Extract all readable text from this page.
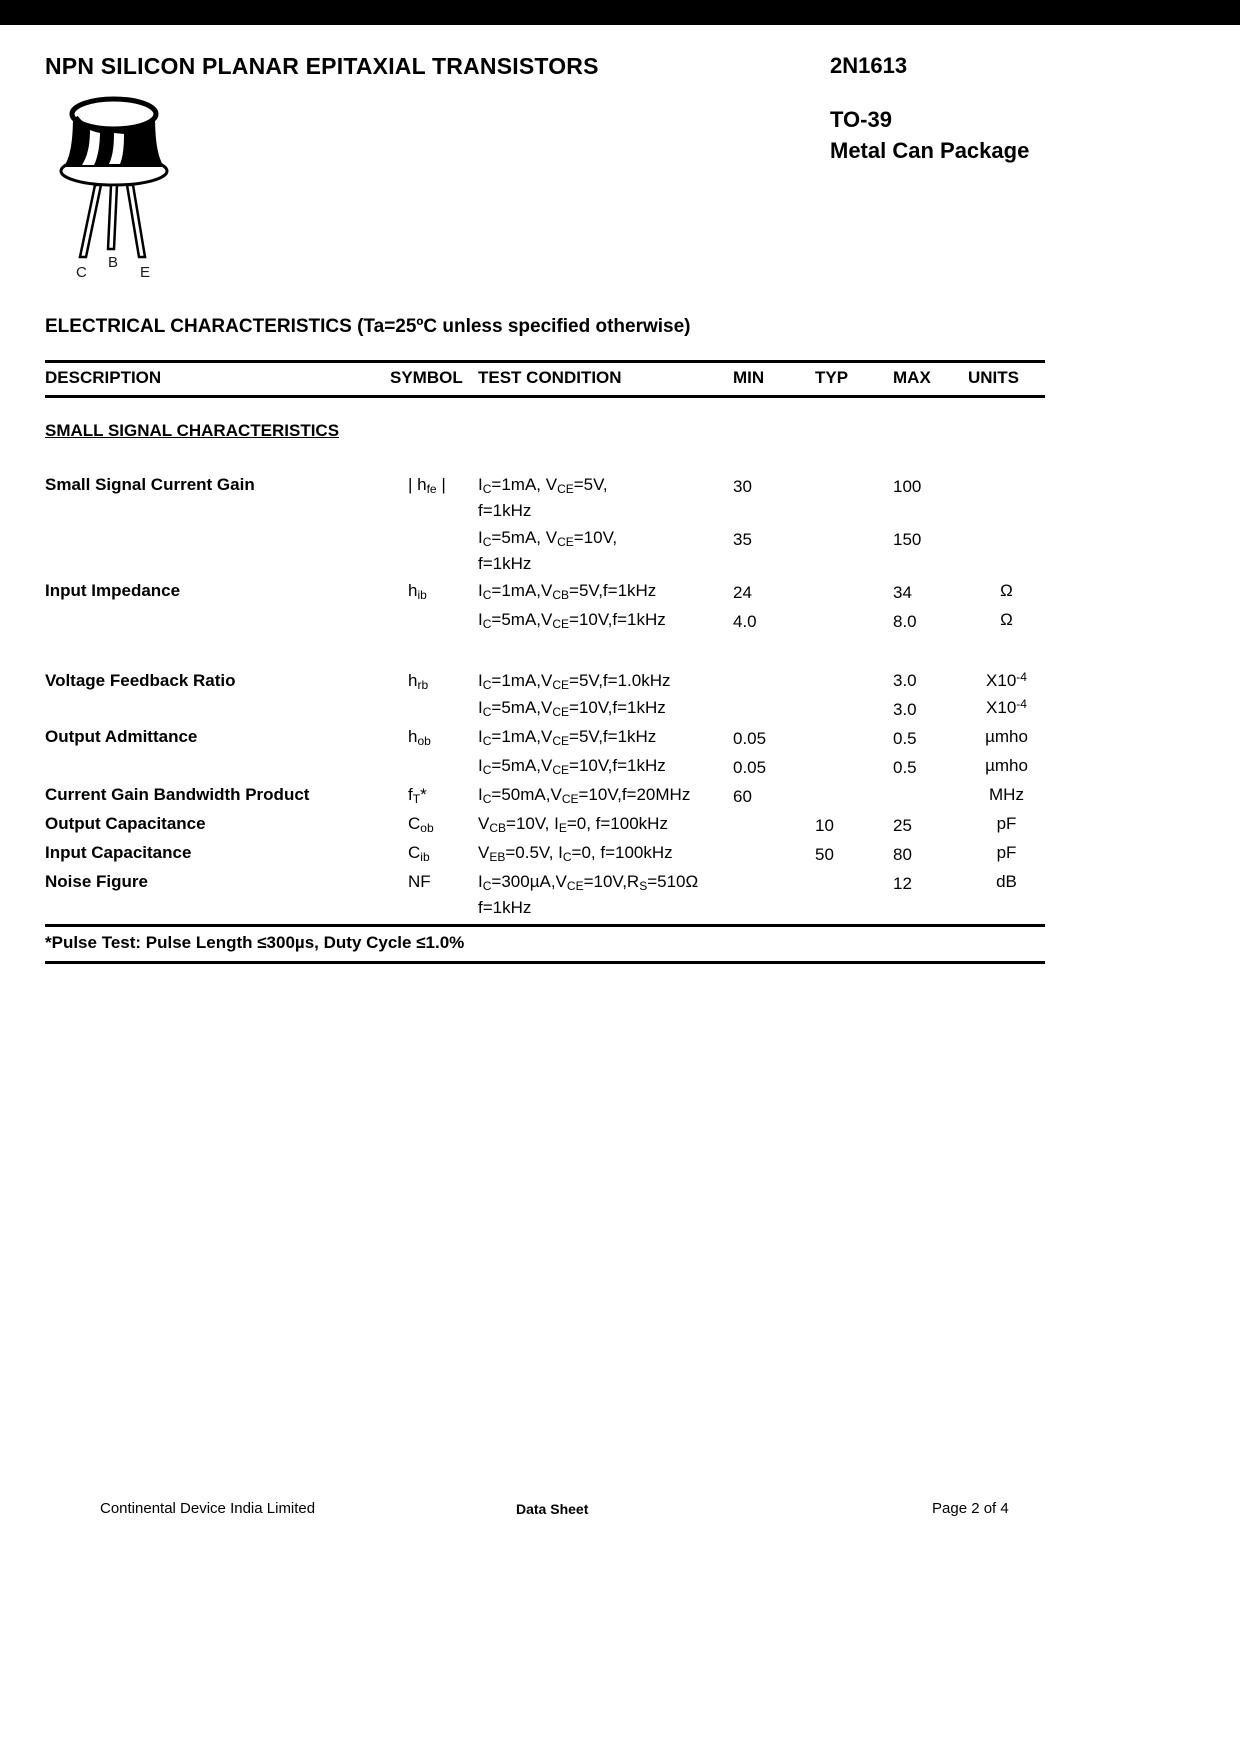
NPN SILICON PLANAR EPITAXIAL TRANSISTORS	2N1613
C
B
E
TO-39
Metal Can Package
ELECTRICAL CHARACTERISTICS (Ta=25ºC unless specified otherwise)
DESCRIPTION	SYMBOL	TEST CONDITION	MIN	TYP	MAX	UNITS
SMALL SIGNAL CHARACTERISTICS						
Small Signal Current Gain	| $h_{fe}$ |	$I_C=1mA$, $V_{CE}=5V$,
f=1kHz	30		100	

		$I_C=5mA$, $V_{CE}=10V$,
f=1kHz	35		150	
Input Impedance	$h_{ib}$	$I_C=1mA,V_{CB}=5V,f=1kHz$	24		34	Ω

		$I_C=5mA,V_{CE}=10V,f=1kHz$	4.0		8.0	Ω
Voltage Feedback Ratio	$h_{rb}$	$I_C=1mA,V_{CE}=5V,f=1.0kHz$			3.0	$X10^{-4}$

		$I_C=5mA,V_{CE}=10V,f=1kHz$			3.0	$X10^{-4}$
Output Admittance	$h_{ob}$	$I_C=1mA,V_{CE}=5V,f=1kHz$	0.05		0.5	µmho

		$I_C=5mA,V_{CE}=10V,f=1kHz$	0.05		0.5	µmho
Current Gain Bandwidth Product	$f_T*$	$I_C=50mA,V_{CE}=10V,f=20MHz$	60			MHz
Output Capacitance	$C_{ob}$	$V_{CB}=10V$, $I_E=0$, f=100kHz		10	25	pF
Input Capacitance	$C_{ib}$	$V_{EB}=0.5V$, $I_C=0$, f=100kHz		50	80	pF
Noise Figure	NF	$I_C=300\mu A,V_{CE}=10V,R_S=510\Omega$
f=1kHz			12	dB
*Pulse Test: Pulse Length ≤300µs, Duty Cycle ≤1.0%
Continental Device India Limited	Data Sheet	Page 2 of 4
